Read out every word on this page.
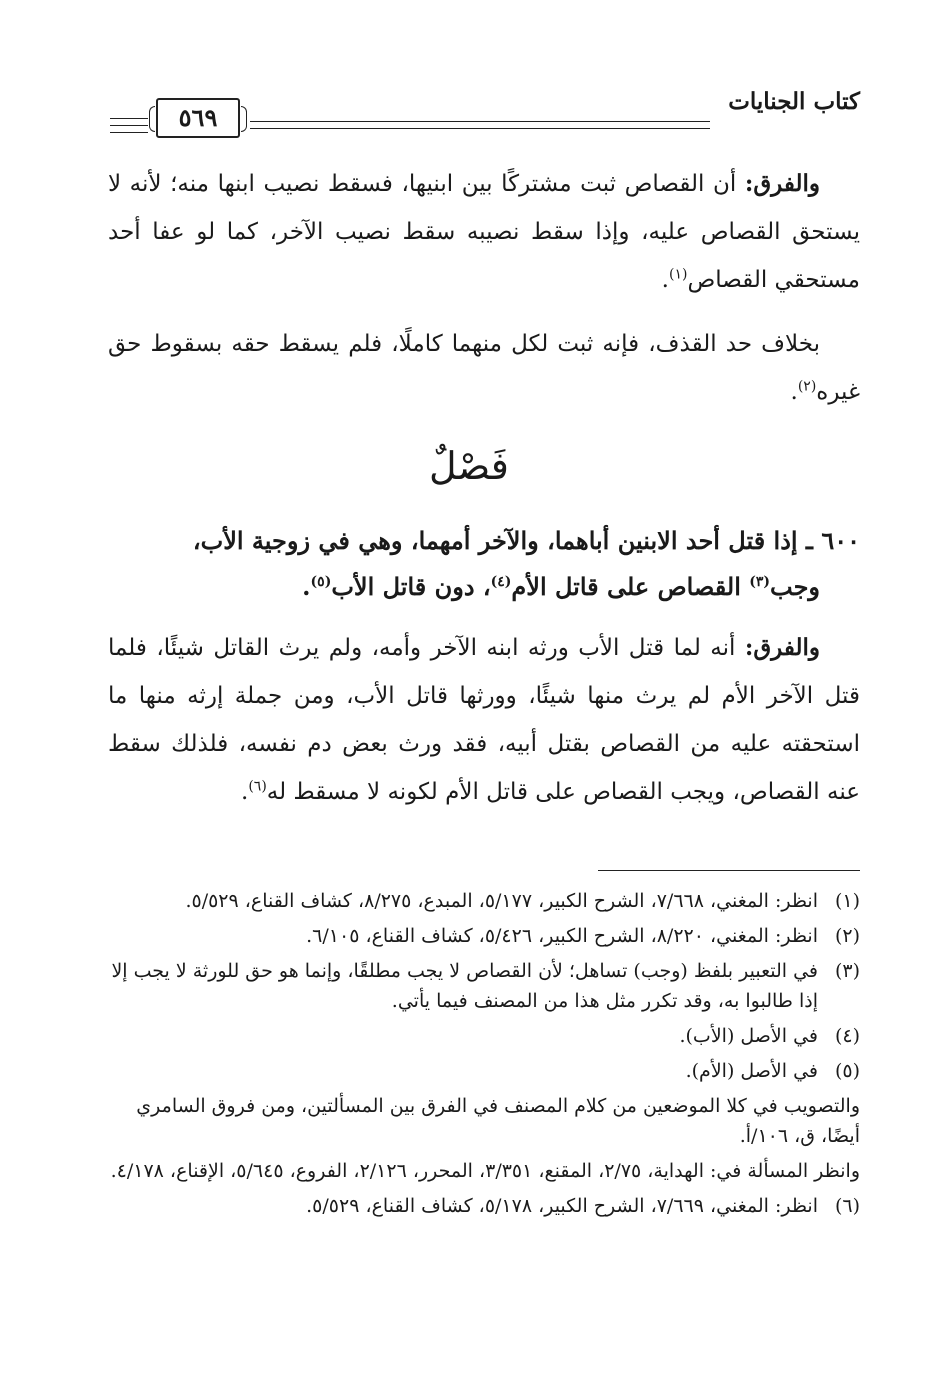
كتاب الجنايات
٥٦٩
والفرق: أن القصاص ثبت مشتركًا بين ابنيها، فسقط نصيب ابنها منه؛ لأنه لا يستحق القصاص عليه، وإذا سقط نصيبه سقط نصيب الآخر، كما لو عفا أحد مستحقي القصاص$^{(١)}$.
بخلاف حد القذف، فإنه ثبت لكل منهما كاملًا، فلم يسقط حقه بسقوط حق غيره$^{(٢)}$.
فَصْلٌ
٦٠٠ ـ إذا قتل أحد الابنين أباهما، والآخر أمهما، وهي في زوجية الأب،
وجب$^{(٣)}$ القصاص على قاتل الأم$^{(٤)}$، دون قاتل الأب$^{(٥)}$.
والفرق: أنه لما قتل الأب ورثه ابنه الآخر وأمه، ولم يرث القاتل شيئًا، فلما قتل الآخر الأم لم يرث منها شيئًا، وورثها قاتل الأب، ومن جملة إرثه منها ما استحقته عليه من القصاص بقتل أبيه، فقد ورث بعض دم نفسه، فلذلك سقط عنه القصاص، ويجب القصاص على قاتل الأم لكونه لا مسقط له$^{(٦)}$.
(١)
انظر: المغني، ٧/٦٦٨، الشرح الكبير، ٥/١٧٧، المبدع، ٨/٢٧٥، كشاف القناع، ٥/٥٢٩.
(٢)
انظر: المغني، ٨/٢٢٠، الشرح الكبير، ٥/٤٢٦، كشاف القناع، ٦/١٠٥.
(٣)
في التعبير بلفظ (وجب) تساهل؛ لأن القصاص لا يجب مطلقًا، وإنما هو حق للورثة لا يجب إلا إذا طالبوا به، وقد تكرر مثل هذا من المصنف فيما يأتي.
(٤)
في الأصل (الأب).
(٥)
في الأصل (الأم).
والتصويب في كلا الموضعين من كلام المصنف في الفرق بين المسألتين، ومن فروق السامري أيضًا، ق، ١٠٦/أ.
وانظر المسألة في: الهداية، ٢/٧٥، المقنع، ٣/٣٥١، المحرر، ٢/١٢٦، الفروع، ٥/٦٤٥، الإقناع، ٤/١٧٨.
(٦)
انظر: المغني، ٧/٦٦٩، الشرح الكبير، ٥/١٧٨، كشاف القناع، ٥/٥٢٩.
